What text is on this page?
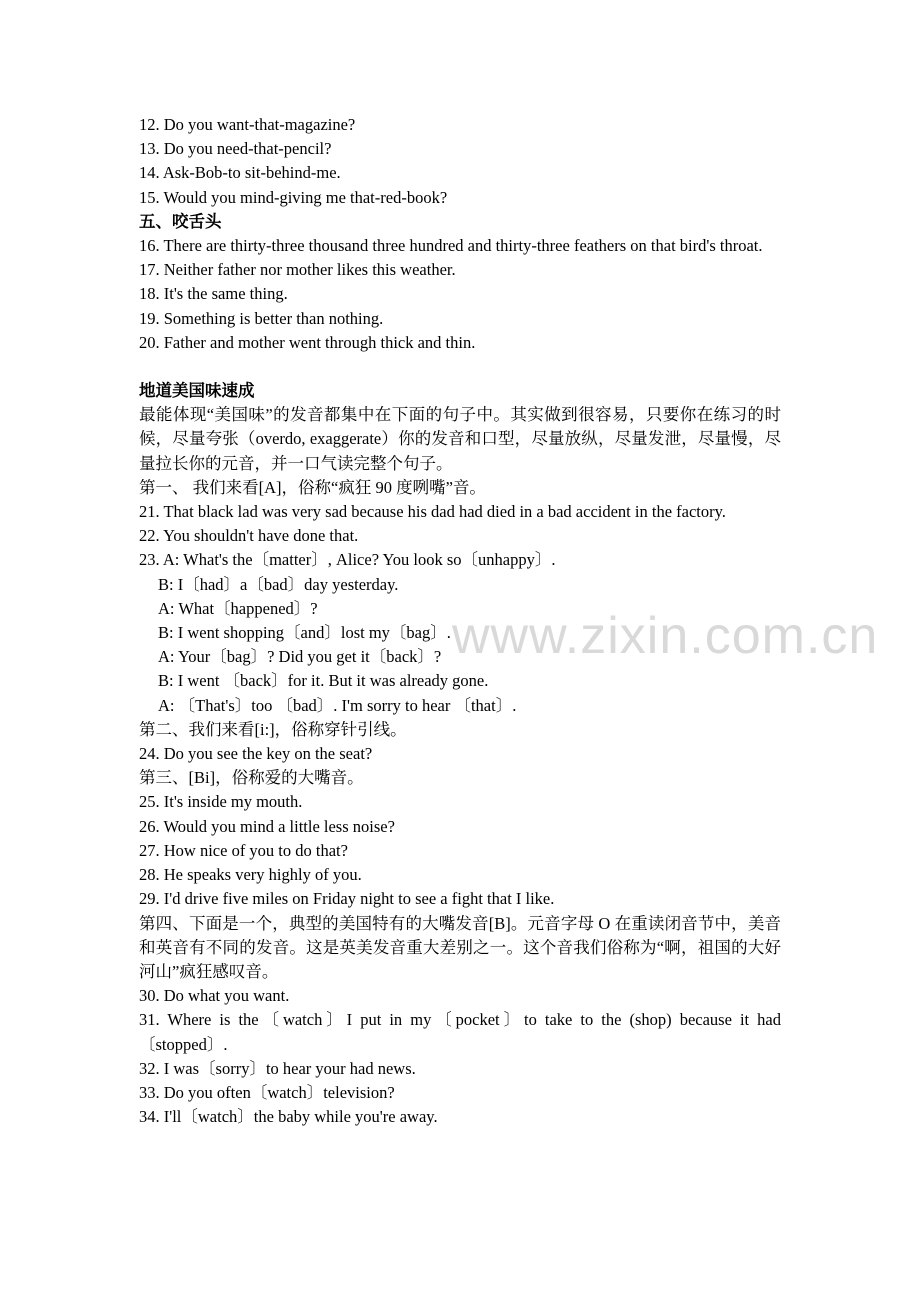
www.zixin.com.cn

12. Do you want-that-magazine?

13. Do you need-that-pencil?

14. Ask-Bob-to sit-behind-me.

15. Would you mind-giving me that-red-book?

五、咬舌头

16. There are thirty-three thousand three hundred and thirty-three feathers on that bird's throat.

17. Neither father nor mother likes this weather.

18. It's the same thing.

19. Something is better than nothing.

20. Father and mother went through thick and thin.

地道美国味速成

最能体现“美国味”的发音都集中在下面的句子中。其实做到很容易，只要你在练习的时候，尽量夸张（overdo, exaggerate）你的发音和口型，尽量放纵，尽量发泄，尽量慢，尽量拉长你的元音，并一口气读完整个句子。

第一、 我们来看[A]，俗称“疯狂 90 度咧嘴”音。

21. That black lad was very sad because his dad had died in a bad accident in the factory.

22. You shouldn't have done that.

23. A: What's the〔matter〕, Alice? You look so〔unhappy〕.

B: I〔had〕a〔bad〕day yesterday.

A: What〔happened〕?

B: I went shopping〔and〕lost my〔bag〕.

A: Your〔bag〕? Did you get it〔back〕?

B: I went 〔back〕for it. But it was already gone.

A: 〔That's〕too 〔bad〕. I'm sorry to hear 〔that〕.

第二、我们来看[i:]，俗称穿针引线。

24. Do you see the key on the seat?

第三、[Bi]，俗称爱的大嘴音。

25. It's inside my mouth.

26. Would you mind a little less noise?

27. How nice of you to do that?

28. He speaks very highly of you.

29. I'd drive five miles on Friday night to see a fight that I like.

第四、下面是一个，典型的美国特有的大嘴发音[B]。元音字母 O 在重读闭音节中，美音和英音有不同的发音。这是英美发音重大差别之一。这个音我们俗称为“啊，祖国的大好河山”疯狂感叹音。

30. Do what you want.

31. Where is the〔watch〕I put in my〔pocket〕to take to the (shop) because it had〔stopped〕.

32. I was〔sorry〕to hear your had news.

33. Do you often〔watch〕television?

34. I'll〔watch〕the baby while you're away.
